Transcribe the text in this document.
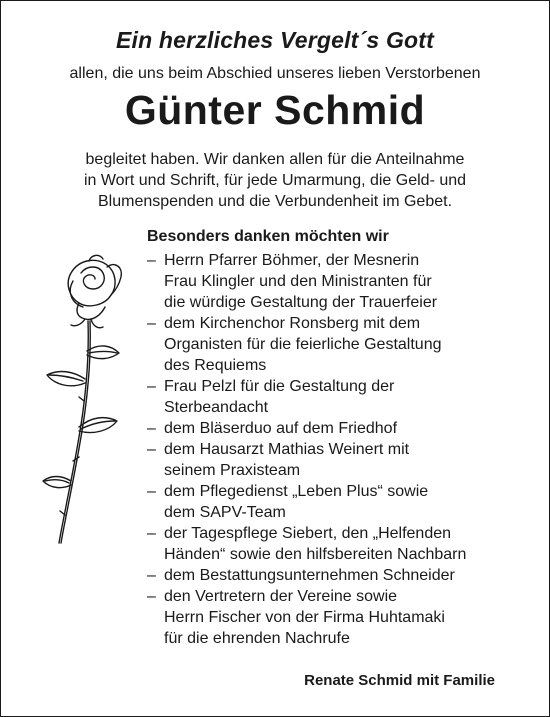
Ein herzliches Vergelt´s Gott
allen, die uns beim Abschied unseres lieben Verstorbenen
Günter Schmid
begleitet haben. Wir danken allen für die Anteilnahme
in Wort und Schrift, für jede Umarmung, die Geld- und
Blumenspenden und die Verbundenheit im Gebet.
Besonders danken möchten wir
– Herrn Pfarrer Böhmer, der Mesnerin
Frau Klingler und den Ministranten für
die würdige Gestaltung der Trauerfeier
– dem Kirchenchor Ronsberg mit dem
Organisten für die feierliche Gestaltung
des Requiems
– Frau Pelzl für die Gestaltung der
Sterbeandacht
– dem Bläserduo auf dem Friedhof
– dem Hausarzt Mathias Weinert mit
seinem Praxisteam
– dem Pflegedienst „Leben Plus“ sowie
dem SAPV-Team
– der Tagespflege Siebert, den „Helfenden
Händen“ sowie den hilfsbereiten Nachbarn
– dem Bestattungsunternehmen Schneider
– den Vertretern der Vereine sowie
Herrn Fischer von der Firma Huhtamaki
für die ehrenden Nachrufe
Renate Schmid mit Familie
